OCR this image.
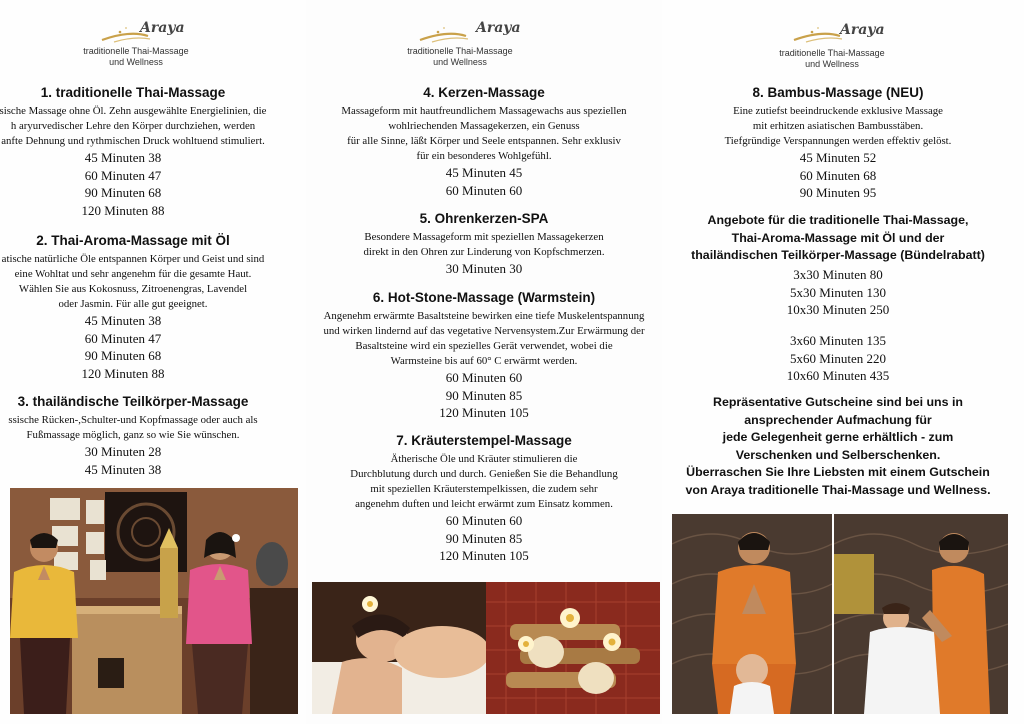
Araya
traditionelle Thai-Massage
und Wellness
1. traditionelle Thai-Massage
sische Massage ohne Öl. Zehn ausgewählte Energielinien, die
h aryurvedischer Lehre den Körper durchziehen, werden
anfte Dehnung und rythmischen Druck wohltuend stimuliert.
45 Minuten 38
60 Minuten 47
90 Minuten 68
120 Minuten 88
2. Thai-Aroma-Massage mit Öl
atische natürliche Öle entspannen Körper und Geist und sind
eine Wohltat und sehr angenehm für die gesamte Haut.
Wählen Sie aus Kokosnuss, Zitroenengras, Lavendel
oder Jasmin. Für alle gut geeignet.
45 Minuten 38
60 Minuten 47
90 Minuten 68
120 Minuten 88
3. thailändische Teilkörper-Massage
ssische Rücken-,Schulter-und Kopfmassage oder auch als
Fußmassage möglich, ganz so wie Sie wünschen.
30 Minuten 28
45 Minuten 38
Araya
traditionelle Thai-Massage
und Wellness
4. Kerzen-Massage
Massageform mit hautfreundlichem Massagewachs aus speziellen
wohlriechenden Massagekerzen, ein Genuss
für alle Sinne, läßt Körper und Seele entspannen. Sehr exklusiv
für ein besonderes Wohlgefühl.
45 Minuten 45
60 Minuten 60
5. Ohrenkerzen-SPA
Besondere Massageform mit speziellen Massagekerzen
direkt in den Ohren zur Linderung von Kopfschmerzen.
30 Minuten 30
6. Hot-Stone-Massage (Warmstein)
Angenehm erwärmte Basaltsteine bewirken eine tiefe Muskelentspannung
und wirken lindernd auf das vegetative Nervensystem.Zur Erwärmung der
Basaltsteine wird ein spezielles Gerät verwendet, wobei die
Warmsteine bis auf 60° C erwärmt werden.
60 Minuten 60
90 Minuten 85
120 Minuten 105
7. Kräuterstempel-Massage
Ätherische Öle und Kräuter stimulieren die
Durchblutung durch und durch. Genießen Sie die Behandlung
mit speziellen Kräuterstempelkissen, die zudem sehr
angenehm duften und leicht erwärmt zum Einsatz kommen.
60 Minuten 60
90 Minuten 85
120 Minuten 105
Araya
traditionelle Thai-Massage
und Wellness
8. Bambus-Massage (NEU)
Eine zutiefst beeindruckende exklusive Massage
mit erhitzen asiatischen Bambusstäben.
Tiefgründige Verspannungen werden effektiv gelöst.
45 Minuten 52
60 Minuten 68
90 Minuten 95
Angebote für die traditionelle Thai-Massage,
Thai-Aroma-Massage mit Öl und der
thailändischen Teilkörper-Massage (Bündelrabatt)
3x30 Minuten 80
5x30 Minuten 130
10x30 Minuten 250
3x60 Minuten 135
5x60 Minuten 220
10x60 Minuten 435
Repräsentative Gutscheine sind bei uns in
ansprechender Aufmachung für
jede Gelegenheit gerne erhältlich - zum
Verschenken und Selberschenken.
Überraschen Sie Ihre Liebsten mit einem Gutschein
von Araya traditionelle Thai-Massage und Wellness.
